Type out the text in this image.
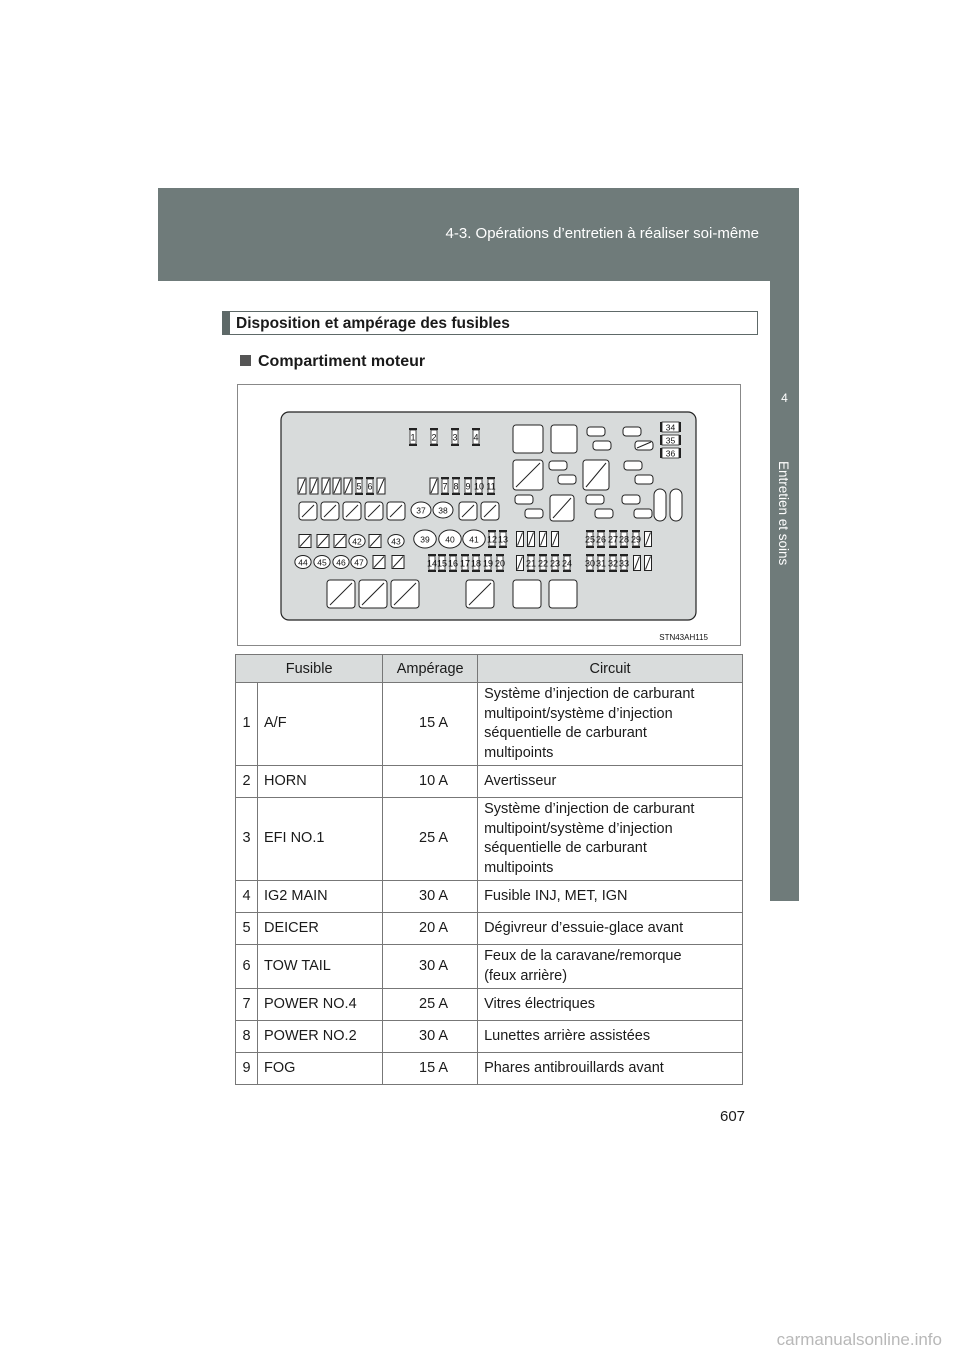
4-3. Opérations d’entretien à réaliser soi-même
4
Entretien et soins
Disposition et ampérage des fusibles
Compartiment moteur
1 2 3 4
5 6	7 8 9 10 11
37 38
42	43
44 45 46 47
39 40 41 12 13
14 15 16 17 18 19 20 21 22 23 24
25 26 27 28 29
30 31 32 33
34
35
36
STN43AH115
Fusible		Ampérage	Circuit
1	A/F	15 A	Système d’injection de carburant
multipoint/système d’injection
séquentielle de carburant
multipoints

2	HORN	10 A	Avertisseur

3	EFI NO.1	25 A	Système d’injection de carburant
multipoint/système d’injection
séquentielle de carburant
multipoints

4	IG2 MAIN	30 A	Fusible INJ, MET, IGN

5	DEICER	20 A	Dégivreur d’essuie-glace avant

6	TOW TAIL	30 A	Feux de la caravane/remorque
(feux arrière)

7	POWER NO.4	25 A	Vitres électriques

8	POWER NO.2	30 A	Lunettes arrière assistées

9	FOG	15 A	Phares antibrouillards avant
607
carmanualsonline.info
